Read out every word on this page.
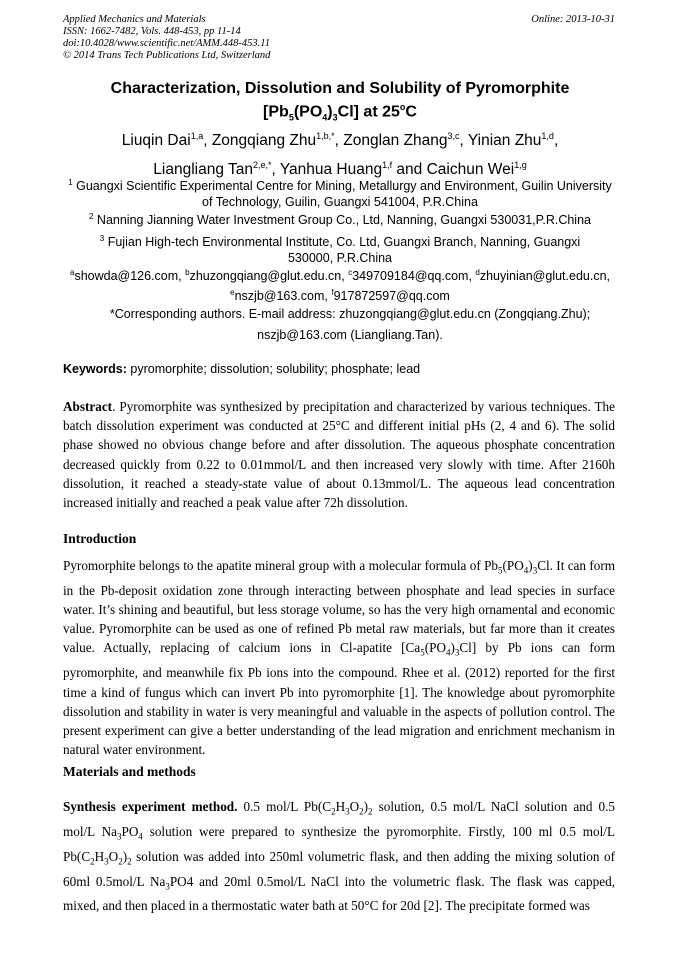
Applied Mechanics and Materials
ISSN: 1662-7482, Vols. 448-453, pp 11-14
doi:10.4028/www.scientific.net/AMM.448-453.11
© 2014 Trans Tech Publications Ltd, Switzerland
Online: 2013-10-31
Characterization, Dissolution and Solubility of Pyromorphite
$[Pb_5(PO_4)_3Cl]$ at 25$^o$C
Liuqin Dai$^{1,a}$, Zongqiang Zhu$^{1,b,*}$, Zonglan Zhang$^{3,c}$, Yinian Zhu$^{1,d}$,
Liangliang Tan$^{2,e,*}$, Yanhua Huang$^{1,f}$ and Caichun Wei$^{1,g}$
$^1$ Guangxi Scientific Experimental Centre for Mining, Metallurgy and Environment, Guilin University
of Technology, Guilin, Guangxi 541004, P.R.China
$^2$ Nanning Jianning Water Investment Group Co., Ltd, Nanning, Guangxi 530031,P.R.China
$^3$ Fujian High-tech Environmental Institute, Co. Ltd, Guangxi Branch, Nanning, Guangxi
530000, P.R.China
$^a$showda@126.com, $^b$zhuzongqiang@glut.edu.cn, $^c$349709184@qq.com, $^d$zhuyinian@glut.edu.cn,
$^e$nszjb@163.com, $^f$917872597@qq.com
*Corresponding authors. E-mail address: zhuzongqiang@glut.edu.cn (Zongqiang.Zhu);
nszjb@163.com (Liangliang.Tan).
Keywords: pyromorphite; dissolution; solubility; phosphate; lead
Abstract. Pyromorphite was synthesized by precipitation and characterized by various techniques. The batch dissolution experiment was conducted at 25°C and different initial pHs (2, 4 and 6). The solid phase showed no obvious change before and after dissolution. The aqueous phosphate concentration decreased quickly from 0.22 to 0.01mmol/L and then increased very slowly with time. After 2160h dissolution, it reached a steady-state value of about 0.13mmol/L. The aqueous lead concentration increased initially and reached a peak value after 72h dissolution.
Introduction
Pyromorphite belongs to the apatite mineral group with a molecular formula of $Pb_5(PO_4)_3Cl$. It can form in the Pb-deposit oxidation zone through interacting between phosphate and lead species in surface water. It’s shining and beautiful, but less storage volume, so has the very high ornamental and economic value. Pyromorphite can be used as one of refined Pb metal raw materials, but far more than it creates value. Actually, replacing of calcium ions in Cl-apatite $[Ca_5(PO_4)_3Cl]$ by Pb ions can form pyromorphite, and meanwhile fix Pb ions into the compound. Rhee et al. (2012) reported for the first time a kind of fungus which can invert Pb into pyromorphite [1]. The knowledge about pyromorphite dissolution and stability in water is very meaningful and valuable in the aspects of pollution control. The present experiment can give a better understanding of the lead migration and enrichment mechanism in natural water environment.
Materials and methods
Synthesis experiment method. 0.5 mol/L $Pb(C_2H_3O_2)_2$ solution, 0.5 mol/L NaCl solution and 0.5 mol/L $Na_3PO_4$ solution were prepared to synthesize the pyromorphite. Firstly, 100 ml 0.5 mol/L $Pb(C_2H_3O_2)_2$ solution was added into 250ml volumetric flask, and then adding the mixing solution of 60ml 0.5mol/L $Na_3PO4$ and 20ml 0.5mol/L NaCl into the volumetric flask. The flask was capped, mixed, and then placed in a thermostatic water bath at 50°C for 20d [2]. The precipitate formed was
